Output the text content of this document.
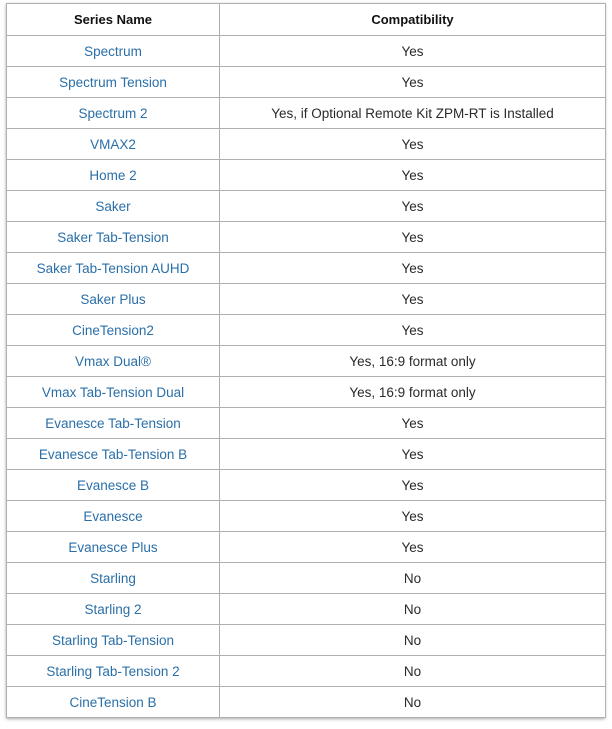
Series Name	Compatibility
Spectrum	Yes
Spectrum Tension	Yes
Spectrum 2	Yes, if Optional Remote Kit ZPM-RT is Installed
VMAX2	Yes
Home 2	Yes
Saker	Yes
Saker Tab-Tension	Yes
Saker Tab-Tension AUHD	Yes
Saker Plus	Yes
CineTension2	Yes
Vmax Dual®	Yes, 16:9 format only
Vmax Tab-Tension Dual	Yes, 16:9 format only
Evanesce Tab-Tension	Yes
Evanesce Tab-Tension B	Yes
Evanesce B	Yes
Evanesce	Yes
Evanesce Plus	Yes
Starling	No
Starling 2	No
Starling Tab-Tension	No
Starling Tab-Tension 2	No
CineTension B	No
